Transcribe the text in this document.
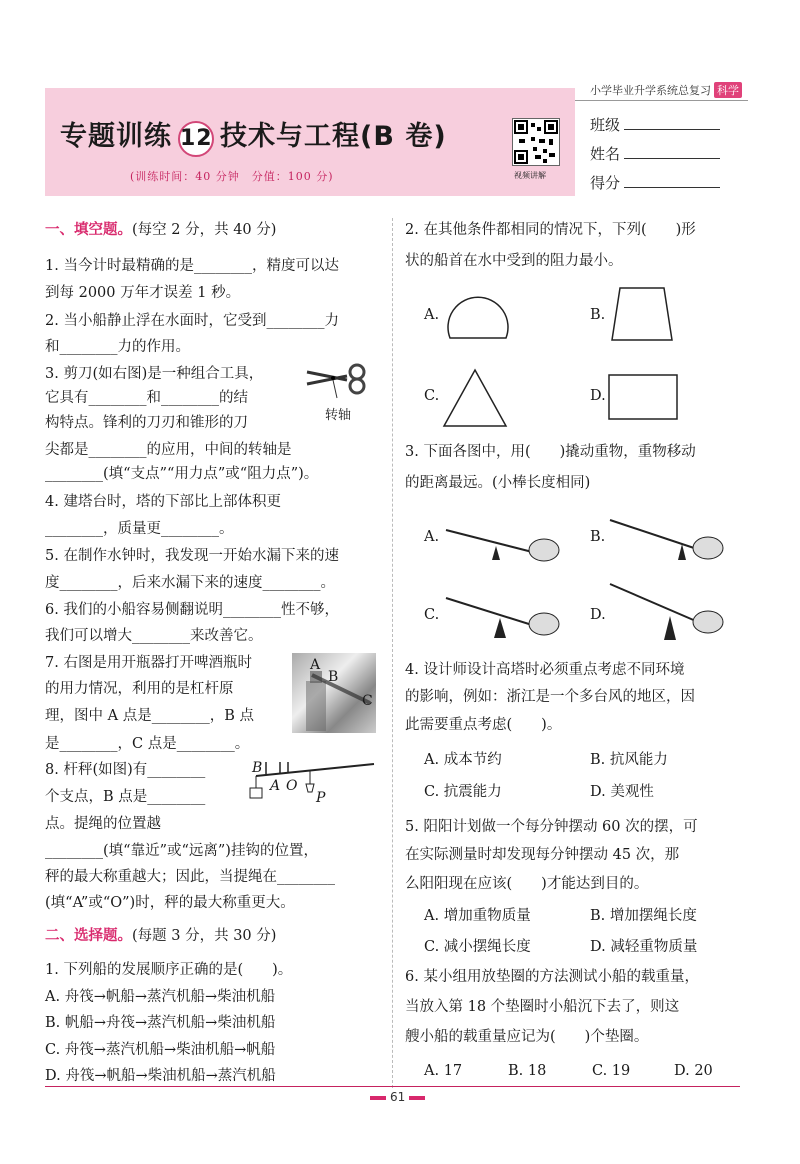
小学毕业升学系统总复习 科学
专题训练 12 技术与工程(B 卷)
(训练时间：40 分钟　分值：100 分)	视频讲解
班级
姓名
得分
一、填空题。(每空 2 分，共 40 分)
1. 当今计时最精确的是________，精度可以达
到每 2000 万年才误差 1 秒。
2. 当小船静止浮在水面时，它受到________力
和________力的作用。
3. 剪刀(如右图)是一种组合工具，
它具有________和________的结
构特点。锋利的刀刃和锥形的刀
尖都是________的应用，中间的转轴是
________(填“支点”“用力点”或“阻力点”)。
转轴
4. 建塔台时，塔的下部比上部体积更
________，质量更________。
5. 在制作水钟时，我发现一开始水漏下来的速
度________，后来水漏下来的速度________。
6. 我们的小船容易侧翻说明________性不够，
我们可以增大________来改善它。
7. 右图是用开瓶器打开啤酒瓶时
的用力情况，利用的是杠杆原
理，图中 A 点是________，B 点
是________，C 点是________。
A
B
C
8. 杆秤(如图)有________
个支点，B 点是________
点。提绳的位置越
________(填“靠近”或“远离”)挂钩的位置，
秤的最大称重越大；因此，当提绳在________
(填“A”或“O”)时，秤的最大称重更大。
B
A O
P
二、选择题。(每题 3 分，共 30 分)
1. 下列船的发展顺序正确的是(　　)。
A. 舟筏→帆船→蒸汽机船→柴油机船
B. 帆船→舟筏→蒸汽机船→柴油机船
C. 舟筏→蒸汽机船→柴油机船→帆船
D. 舟筏→帆船→柴油机船→蒸汽机船
2. 在其他条件都相同的情况下，下列(　　)形
状的船首在水中受到的阻力最小。
A.	B.
C.	D.
3. 下面各图中，用(　　)撬动重物，重物移动
的距离最远。(小棒长度相同)
A.	B.
C.	D.
4. 设计师设计高塔时必须重点考虑不同环境
的影响，例如：浙江是一个多台风的地区，因
此需要重点考虑(　　)。
A. 成本节约	B. 抗风能力
C. 抗震能力	D. 美观性
5. 阳阳计划做一个每分钟摆动 60 次的摆，可
在实际测量时却发现每分钟摆动 45 次，那
么阳阳现在应该(　　)才能达到目的。
A. 增加重物质量	B. 增加摆绳长度
C. 减小摆绳长度	D. 减轻重物质量
6. 某小组用放垫圈的方法测试小船的载重量，
当放入第 18 个垫圈时小船沉下去了，则这
艘小船的载重量应记为(　　)个垫圈。
A. 17	B. 18	C. 19	D. 20
61
